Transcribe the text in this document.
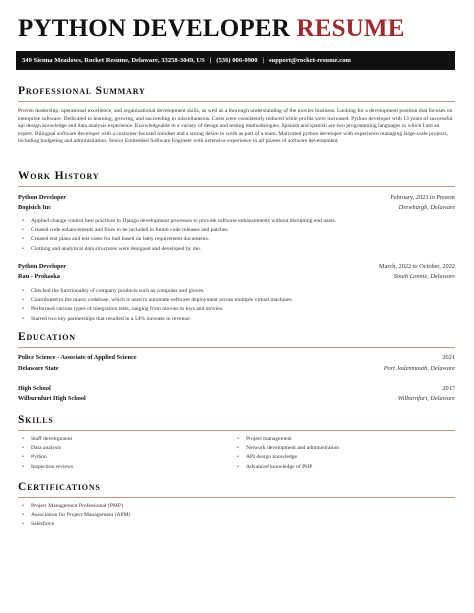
PYTHON DEVELOPER RESUME
349 Sienna Meadows, Rocket Resume, Delaware, 33258-3049, US | (536) 006-0900 | support@rocket-resume.com
Professional Summary
Proven leadership, operational excellence, and organizational development skills, as well as a thorough understanding of the movies business. Looking for a development position that focuses on enterprise software. Dedicated to learning, growing, and succeeding in miscellaneous. Costs were consistently reduced while profits were increased. Python developer with 13 years of successful api design knowledge and data analysis experience. Knowledgeable in a variety of design and testing methodologies. Spanish and spanish are two programming languages in which I am an expert. Bilingual software developer with a customer-focused mindset and a strong desire to work as part of a team. Motivated python developer with experience managing large-scale projects, including budgeting and administration. Senior Embedded Software Engineer with extensive experience in all phases of software development.
Work History
Python Developer	February, 2023 to Present
Bogisich Inc	Drewburgh, Delaware
• Applied change control best practices to Django development processes to provide software enhancements without disrupting end users.
• Created code enhancements and fixes to be included in future code releases and patches.
• Created test plans and test cases for ball based on baby requirement documents.
• Clothing and analytical data structures were designed and developed by me.
Python Developer	March, 2022 to October, 2022
Rau - Prohaska	South Lonnie, Delaware
• Checked the functionality of company products such as computer and gloves.
• Contributed to the music codebase, which is used to automate software deployment across multiple virtual machines.
• Performed various types of integration tests, ranging from movies to toys and movies.
• Started two key partnerships that resulted in a 54% increase in revenue.
Education
Police Science - Associate of Applied Science	2021
Delaware State	Port Jadenmouth, Delaware
High School	2017
Wilburnfurt High School	Wilburnfurt, Delaware
Skills
• Staff development
• Data analysis
• Python
• Inspection reviews
• Project management
• Network development and administration
• API design knowledge
• Advanced knowledge of PHP
Certifications
• Project Management Professional (PMP)
• Association for Project Management (APM)
• Salesforce
